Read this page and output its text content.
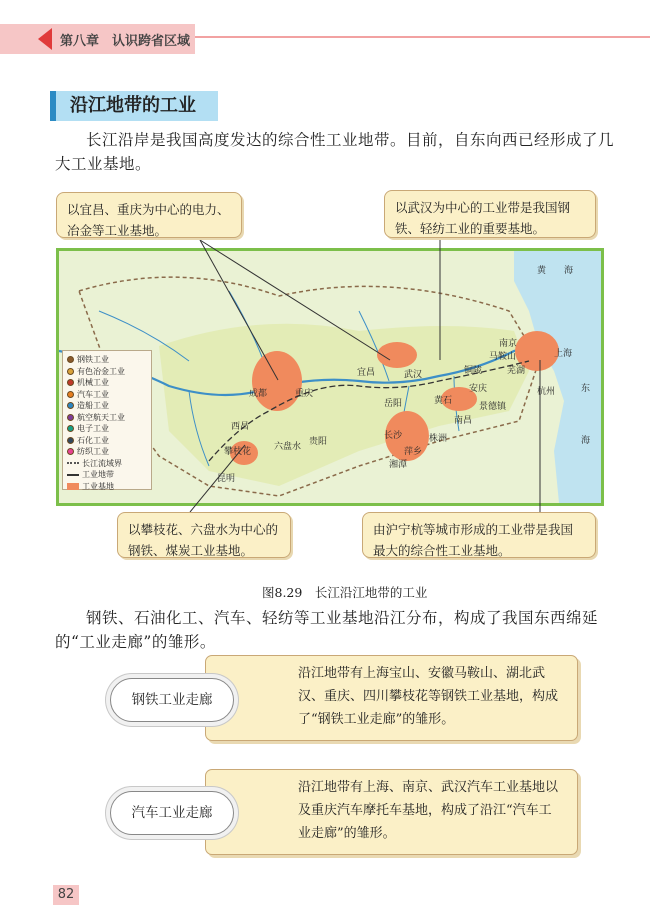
第八章　认识跨省区域
沿江地带的工业
长江沿岸是我国高度发达的综合性工业地带。目前，自东向西已经形成了几大工业基地。
黄 海
东
海
南京
上海
杭州
武汉
宜昌
重庆
成都
贵阳
长沙
南昌
西昌
攀枝花	六盘水
黄石
安庆
马鞍山
铜陵	芜湖
岳阳	景德镇
萍乡
株洲
昆明
湘潭
钢铁工业
有色冶金工业
机械工业
汽车工业
造船工业
航空航天工业
电子工业
石化工业
纺织工业
长江流域界
工业地带
工业基地
以宜昌、重庆为中心的电力、冶金等工业基地。
以武汉为中心的工业带是我国钢铁、轻纺工业的重要基地。
以攀枝花、六盘水为中心的钢铁、煤炭工业基地。
由沪宁杭等城市形成的工业带是我国最大的综合性工业基地。
图8.29　长江沿江地带的工业
钢铁、石油化工、汽车、轻纺等工业基地沿江分布，构成了我国东西绵延的“工业走廊”的雏形。
沿江地带有上海宝山、安徽马鞍山、湖北武汉、重庆、四川攀枝花等钢铁工业基地，构成了“钢铁工业走廊”的雏形。
钢铁工业走廊
沿江地带有上海、南京、武汉汽车工业基地以及重庆汽车摩托车基地，构成了沿江“汽车工业走廊”的雏形。
汽车工业走廊
82
